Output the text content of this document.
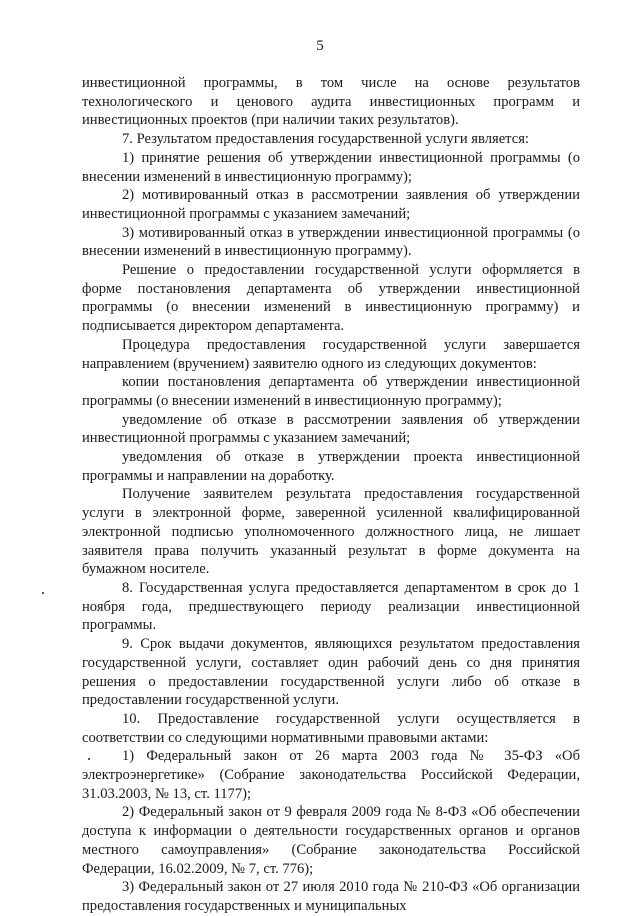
5

инвестиционной программы, в том числе на основе результатов технологического и ценового аудита инвестиционных программ и инвестиционных проектов (при наличии таких результатов).

7. Результатом предоставления государственной услуги является:

1) принятие решения об утверждении инвестиционной программы (о внесении изменений в инвестиционную программу);

2) мотивированный отказ в рассмотрении заявления об утверждении инвестиционной программы с указанием замечаний;

3) мотивированный отказ в утверждении инвестиционной программы (о внесении изменений в инвестиционную программу).

Решение о предоставлении государственной услуги оформляется в форме постановления департамента об утверждении инвестиционной программы (о внесении изменений в инвестиционную программу) и подписывается директором департамента.

Процедура предоставления государственной услуги завершается направлением (вручением) заявителю одного из следующих документов:

копии постановления департамента об утверждении инвестиционной программы (о внесении изменений в инвестиционную программу);

уведомление об отказе в рассмотрении заявления об утверждении инвестиционной программы с указанием замечаний;

уведомления об отказе в утверждении проекта инвестиционной программы и направлении на доработку.

Получение заявителем результата предоставления государственной услуги в электронной форме, заверенной усиленной квалифицированной электронной подписью уполномоченного должностного лица, не лишает заявителя права получить указанный результат в форме документа на бумажном носителе.

8. Государственная услуга предоставляется департаментом в срок до 1 ноября года, предшествующего периоду реализации инвестиционной программы.

9. Срок выдачи документов, являющихся результатом предоставления государственной услуги, составляет один рабочий день со дня принятия решения о предоставлении государственной услуги либо об отказе в предоставлении государственной услуги.

10. Предоставление государственной услуги осуществляется в соответствии со следующими нормативными правовыми актами:

1) Федеральный закон от 26 марта 2003 года № 35-ФЗ «Об электроэнергетике» (Собрание законодательства Российской Федерации, 31.03.2003, № 13, ст. 1177);

2) Федеральный закон от 9 февраля 2009 года № 8-ФЗ «Об обеспечении доступа к информации о деятельности государственных органов и органов местного самоуправления» (Собрание законодательства Российской Федерации, 16.02.2009, № 7, ст. 776);

3) Федеральный закон от 27 июля 2010 года № 210-ФЗ «Об организации предоставления государственных и муниципальных
